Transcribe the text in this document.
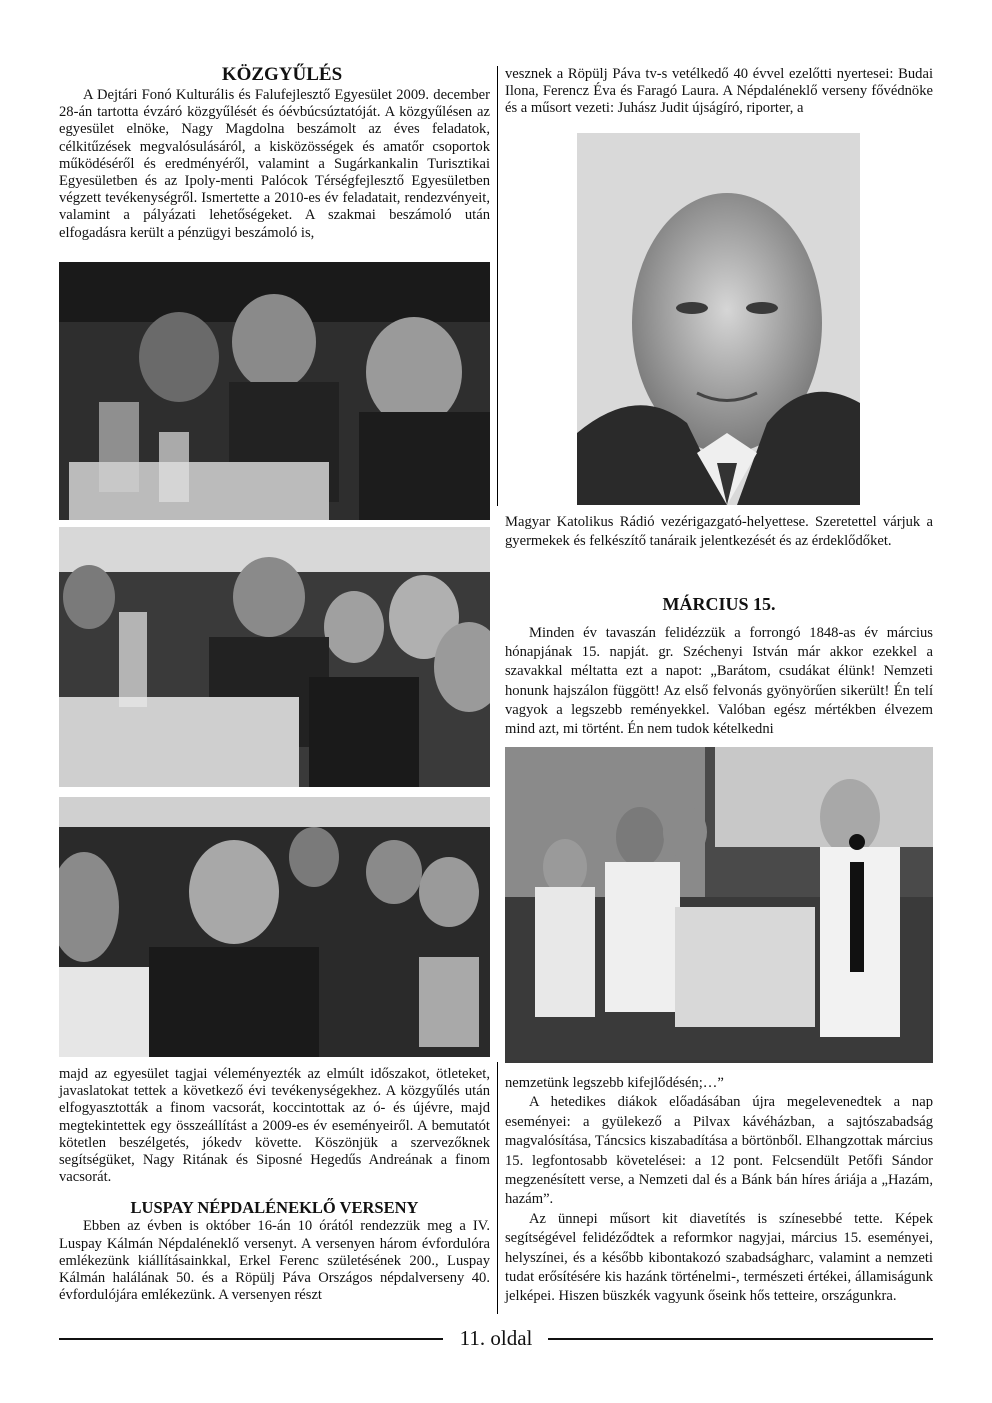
KÖZGYŰLÉS

A Dejtári Fonó Kulturális és Falufejlesztő Egyesület 2009. december 28-án tartotta évzáró közgyűlését és óévbúcsúztatóját. A közgyűlésen az egyesület elnöke, Nagy Magdolna beszámolt az éves feladatok, célkitűzések megvalósulásáról, a kisközösségek és amatőr csoportok működéséről és eredményéről, valamint a Sugárkankalin Turisztikai Egyesületben és az Ipoly-menti Palócok Térségfejlesztő Egyesületben végzett tevékenységről. Ismertette a 2010-es év feladatait, rendezvényeit, valamint a pályázati lehetőségeket. A szakmai beszámoló után elfogadásra került a pénzügyi beszámoló is,

majd az egyesület tagjai véleményezték az elmúlt időszakot, ötleteket, javaslatokat tettek a következő évi tevékenységekhez. A közgyűlés után elfogyasztották a finom vacsorát, koccintottak az ó- és újévre, majd megtekintettek egy összeállítást a 2009-es év eseményeiről. A bemutatót kötetlen beszélgetés, jókedv követte. Köszönjük a szervezőknek segítségüket, Nagy Ritának és Siposné Hegedűs Andreának a finom vacsorát.

LUSPAY NÉPDALÉNEKLŐ VERSENY

Ebben az évben is október 16-án 10 órától rendezzük meg a IV. Luspay Kálmán Népdaléneklő versenyt. A versenyen három évfordulóra emlékezünk kiállításainkkal, Erkel Ferenc születésének 200., Luspay Kálmán halálának 50. és a Röpülj Páva Országos népdalverseny 40. évfordulójára emlékezünk. A versenyen részt

vesznek a Röpülj Páva tv-s vetélkedő 40 évvel ezelőtti nyertesei: Budai Ilona, Ferencz Éva és Faragó Laura. A Népdaléneklő verseny fővédnöke és a műsort vezeti: Juhász Judit újságíró, riporter, a

Magyar Katolikus Rádió vezérigazgató-helyettese. Szeretettel várjuk a gyermekek és felkészítő tanáraik jelentkezését és az érdeklődőket.

MÁRCIUS 15.

Minden év tavaszán felidézzük a forrongó 1848-as év március hónapjának 15. napját. gr. Széchenyi István már akkor ezekkel a szavakkal méltatta ezt a napot: „Barátom, csudákat élünk! Nemzeti honunk hajszálon függött! Az első felvonás gyönyörűen sikerült! Én telí vagyok a legszebb reményekkel. Valóban egész mértékben élvezem mind azt, mi történt. Én nem tudok kételkedni

nemzetünk legszebb kifejlődésén;…”

A hetedikes diákok előadásában újra megelevenedtek a nap eseményei: a gyülekező a Pilvax kávéházban, a sajtószabadság magvalósítása, Táncsics kiszabadítása a börtönből. Elhangzottak március 15. legfontosabb követelései: a 12 pont. Felcsendült Petőfi Sándor megzenésített verse, a Nemzeti dal és a Bánk bán híres áriája a „Hazám, hazám”.

Az ünnepi műsort kit diavetítés is színesebbé tette. Képek segítségével felidéződtek a reformkor nagyjai, március 15. eseményei, helyszínei, és a később kibontakozó szabadságharc, valamint a nemzeti tudat erősítésére kis hazánk történelmi-, természeti értékei, államiságunk jelképei. Hiszen büszkék vagyunk őseink hős tetteire, országunkra.

11. oldal
